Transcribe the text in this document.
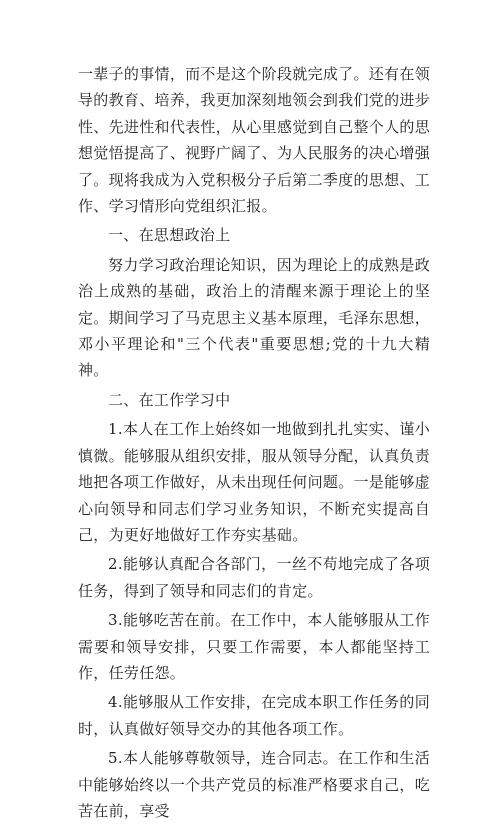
一辈子的事情，而不是这个阶段就完成了。还有在领导的教育、培养，我更加深刻地领会到我们党的进步性、先进性和代表性，从心里感觉到自己整个人的思想觉悟提高了、视野广阔了、为人民服务的决心增强了。现将我成为入党积极分子后第二季度的思想、工作、学习情形向党组织汇报。

一、在思想政治上

努力学习政治理论知识，因为理论上的成熟是政治上成熟的基础，政治上的清醒来源于理论上的坚定。期间学习了马克思主义基本原理，毛泽东思想，邓小平理论和"三个代表"重要思想;党的十九大精神。

二、在工作学习中

1.本人在工作上始终如一地做到扎扎实实、谨小慎微。能够服从组织安排，服从领导分配，认真负责地把各项工作做好，从未出现任何问题。一是能够虚心向领导和同志们学习业务知识，不断充实提高自己，为更好地做好工作夯实基础。

2.能够认真配合各部门，一丝不苟地完成了各项任务，得到了领导和同志们的肯定。

3.能够吃苦在前。在工作中，本人能够服从工作需要和领导安排，只要工作需要，本人都能坚持工作，任劳任怨。

4.能够服从工作安排，在完成本职工作任务的同时，认真做好领导交办的其他各项工作。

5.本人能够尊敬领导，连合同志。在工作和生活中能够始终以一个共产党员的标准严格要求自己，吃苦在前，享受
